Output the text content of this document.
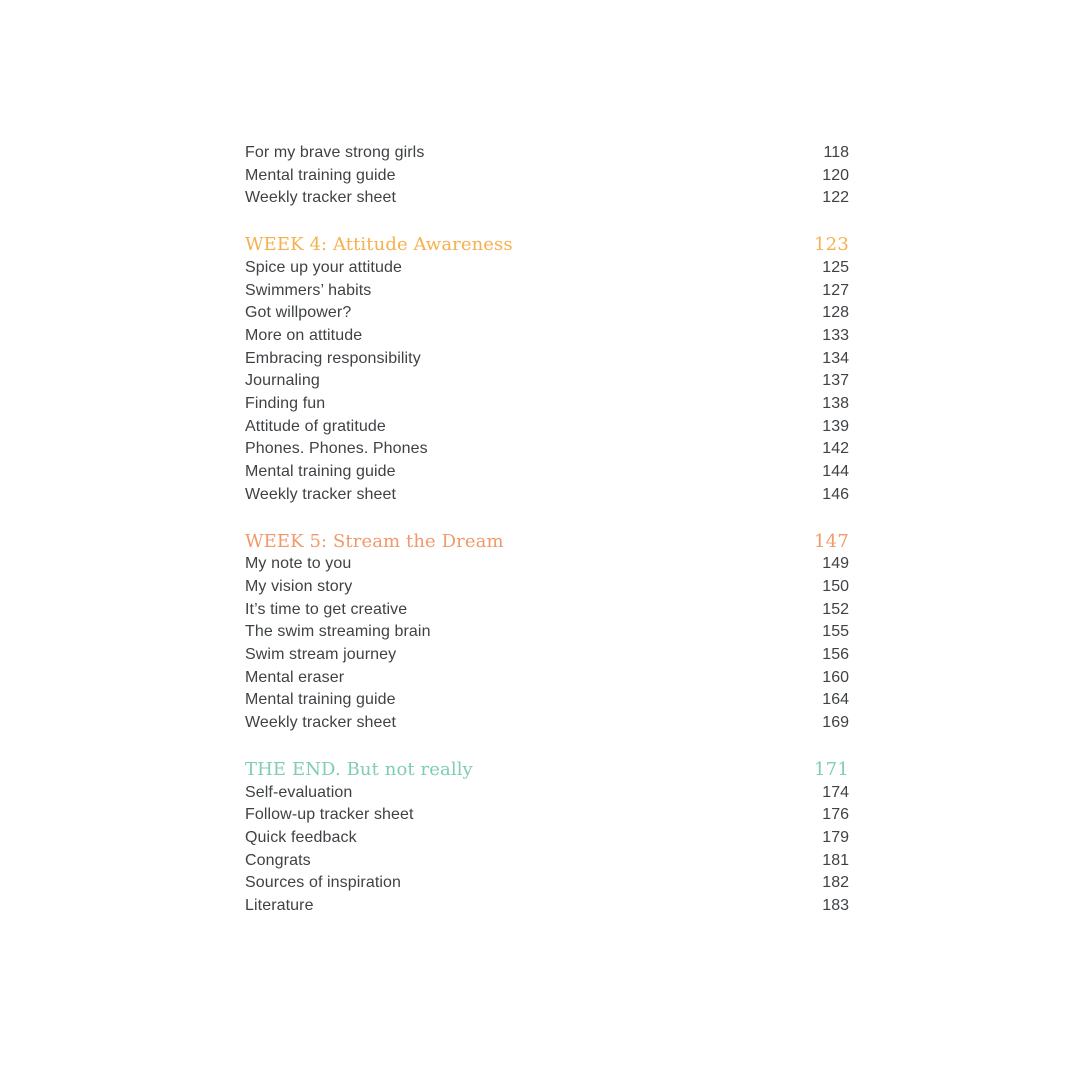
For my brave strong girls	118
Mental training guide	120
Weekly tracker sheet	122
WEEK 4: Attitude Awareness	123
Spice up your attitude	125
Swimmers’ habits	127
Got willpower?	128
More on attitude	133
Embracing responsibility	134
Journaling	137
Finding fun	138
Attitude of gratitude	139
Phones. Phones. Phones	142
Mental training guide	144
Weekly tracker sheet	146
WEEK 5: Stream the Dream	147
My note to you	149
My vision story	150
It’s time to get creative	152
The swim streaming brain	155
Swim stream journey	156
Mental eraser	160
Mental training guide	164
Weekly tracker sheet	169
THE END. But not really	171
Self-evaluation	174
Follow-up tracker sheet	176
Quick feedback	179
Congrats	181
Sources of inspiration	182
Literature	183
